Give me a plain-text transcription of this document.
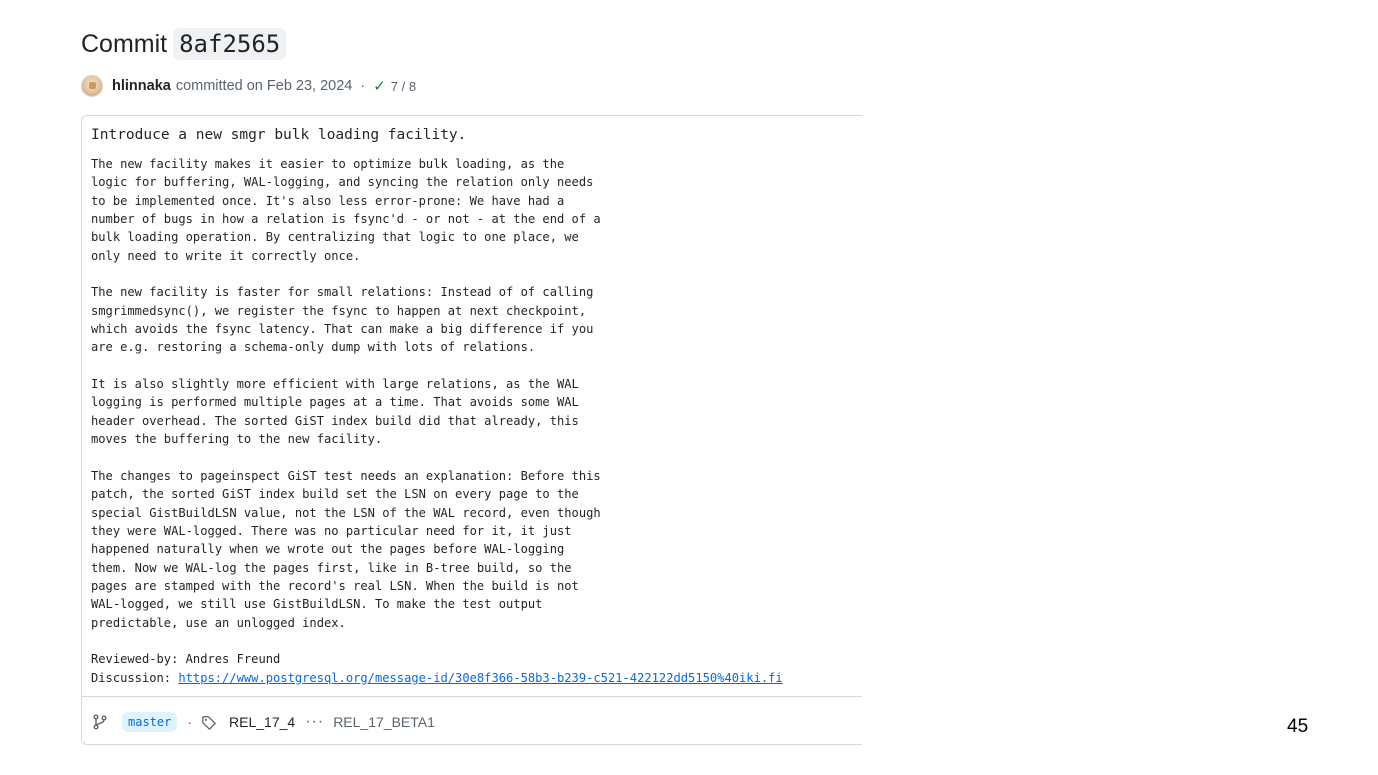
Commit 8af2565
hlinnaka committed on Feb 23, 2024 · ✓ 7 / 8
Introduce a new smgr bulk loading facility.
The new facility makes it easier to optimize bulk loading, as the
logic for buffering, WAL-logging, and syncing the relation only needs
to be implemented once. It's also less error-prone: We have had a
number of bugs in how a relation is fsync'd - or not - at the end of a
bulk loading operation. By centralizing that logic to one place, we
only need to write it correctly once.

The new facility is faster for small relations: Instead of of calling
smgrimmedsync(), we register the fsync to happen at next checkpoint,
which avoids the fsync latency. That can make a big difference if you
are e.g. restoring a schema-only dump with lots of relations.

It is also slightly more efficient with large relations, as the WAL
logging is performed multiple pages at a time. That avoids some WAL
header overhead. The sorted GiST index build did that already, this
moves the buffering to the new facility.

The changes to pageinspect GiST test needs an explanation: Before this
patch, the sorted GiST index build set the LSN on every page to the
special GistBuildLSN value, not the LSN of the WAL record, even though
they were WAL-logged. There was no particular need for it, it just
happened naturally when we wrote out the pages before WAL-logging
them. Now we WAL-log the pages first, like in B-tree build, so the
pages are stamped with the record's real LSN. When the build is not
WAL-logged, we still use GistBuildLSN. To make the test output
predictable, use an unlogged index.

Reviewed-by: Andres Freund
Discussion: https://www.postgresql.org/message-id/30e8f366-58b3-b239-c521-422122dd5150%40iki.fi
master	·	REL_17_4 ··· REL_17_BETA1	45
